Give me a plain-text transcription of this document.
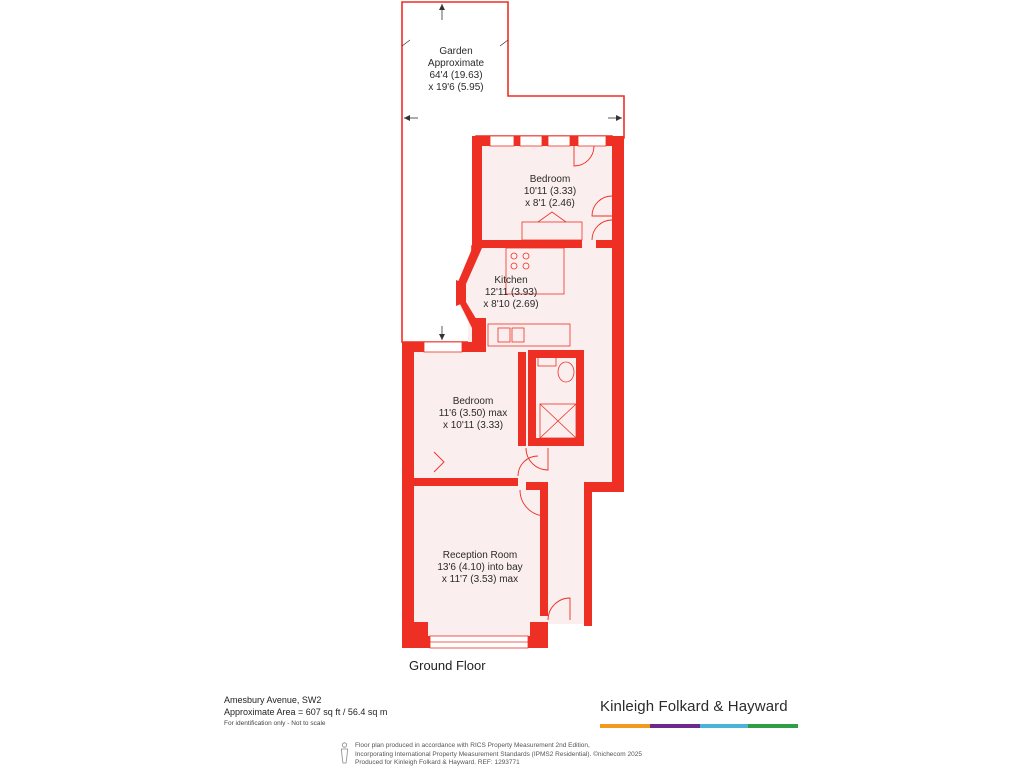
Garden
Approximate
64'4 (19.63)
x 19'6 (5.95)
Bedroom
10'11 (3.33)
x 8'1 (2.46)
Kitchen
12'11 (3.93)
x 8'10 (2.69)
Bedroom
11'6 (3.50) max
x 10'11 (3.33)
Reception Room
13'6 (4.10) into bay
x 11'7 (3.53) max
Ground Floor
Amesbury Avenue, SW2
Approximate Area = 607 sq ft / 56.4 sq m
For identification only - Not to scale
Kinleigh Folkard & Hayward
Floor plan produced in accordance with RICS Property Measurement 2nd Edition,
Incorporating International Property Measurement Standards (IPMS2 Residential). ©nichecom 2025
Produced for Kinleigh Folkard & Hayward. REF: 1293771
